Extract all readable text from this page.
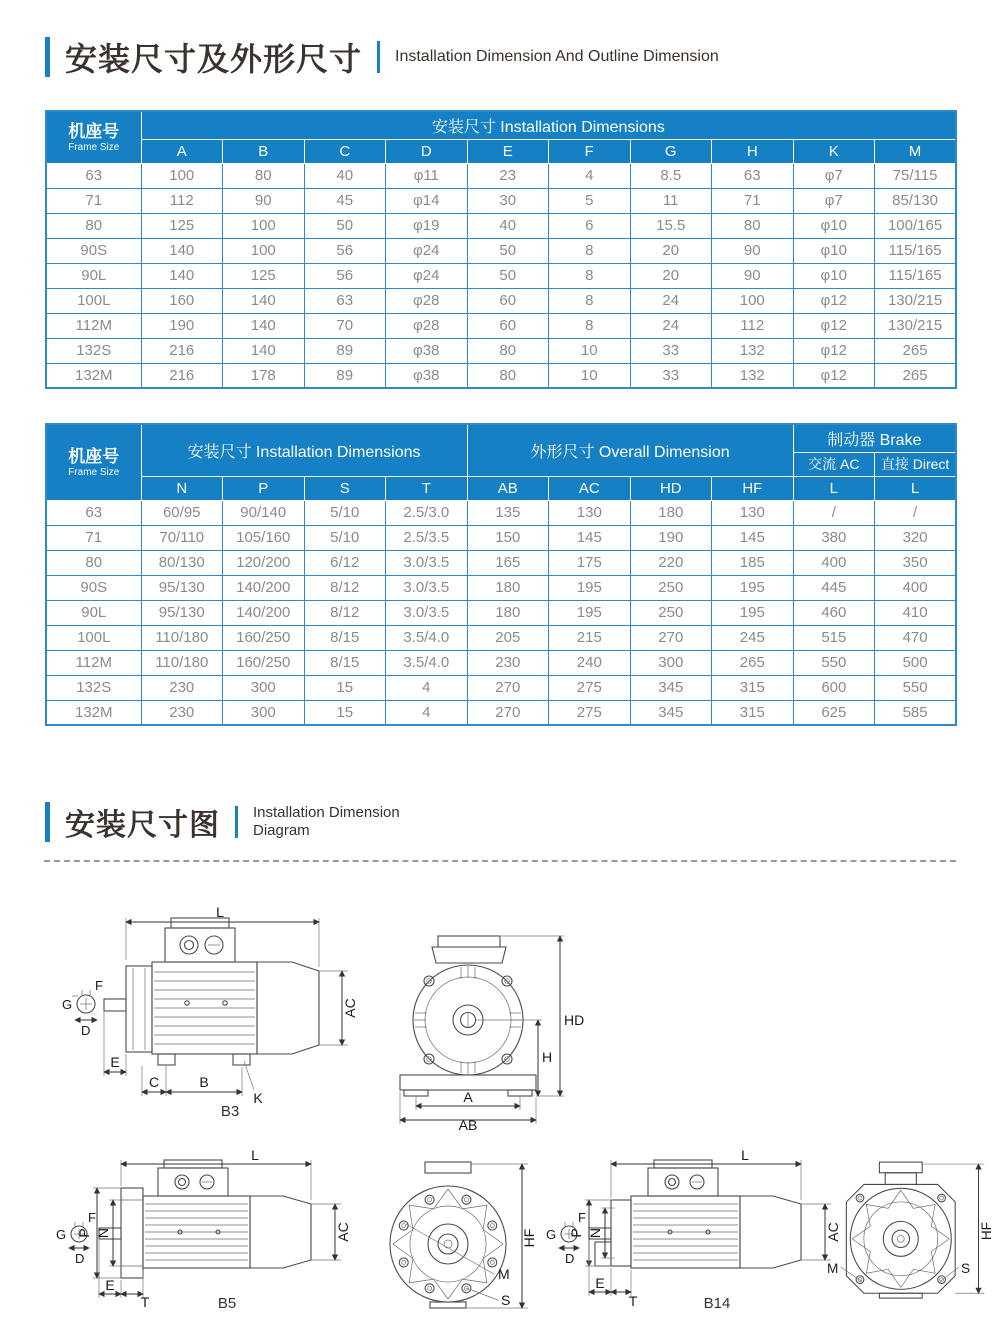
安装尺寸及外形尺寸 Installation Dimension And Outline Dimension
机座号
Frame Size	安装尺寸 Installation Dimensions									
	A	B	C	D	E	F	G	H	K	M
63	100	80	40	φ11	23	4	8.5	63	φ7	75/115
71	112	90	45	φ14	30	5	11	71	φ7	85/130
80	125	100	50	φ19	40	6	15.5	80	φ10	100/165
90S	140	100	56	φ24	50	8	20	90	φ10	115/165
90L	140	125	56	φ24	50	8	20	90	φ10	115/165
100L	160	140	63	φ28	60	8	24	100	φ12	130/215
112M	190	140	70	φ28	60	8	24	112	φ12	130/215
132S	216	140	89	φ38	80	10	33	132	φ12	265
132M	216	178	89	φ38	80	10	33	132	φ12	265
机座号
Frame Size	安装尺寸 Installation Dimensions				外形尺寸 Overall Dimension				制动器 Brake	
									交流 AC	直接 Direct
	N	P	S	T	AB	AC	HD	HF	L	L
63	60/95	90/140	5/10	2.5/3.0	135	130	180	130	/	/
71	70/110	105/160	5/10	2.5/3.5	150	145	190	145	380	320
80	80/130	120/200	6/12	3.0/3.5	165	175	220	185	400	350
90S	95/130	140/200	8/12	3.0/3.5	180	195	250	195	445	400
90L	95/130	140/200	8/12	3.0/3.5	180	195	250	195	460	410
100L	110/180	160/250	8/15	3.5/4.0	205	215	270	245	515	470
112M	110/180	160/250	8/15	3.5/4.0	230	240	300	265	550	500
132S	230	300	15	4	270	275	345	315	600	550
132M	230	300	15	4	270	275	345	315	625	585
安装尺寸图 Installation Dimension
Diagram
F
G
D
L
AC
E
C	B
K
B3
HD
H
A
AB
F
G
D
L
AC
P N
E
T	B5
M
S
HF
F
G
D
L
AC
P N
E
T	B14
M	S
HF
